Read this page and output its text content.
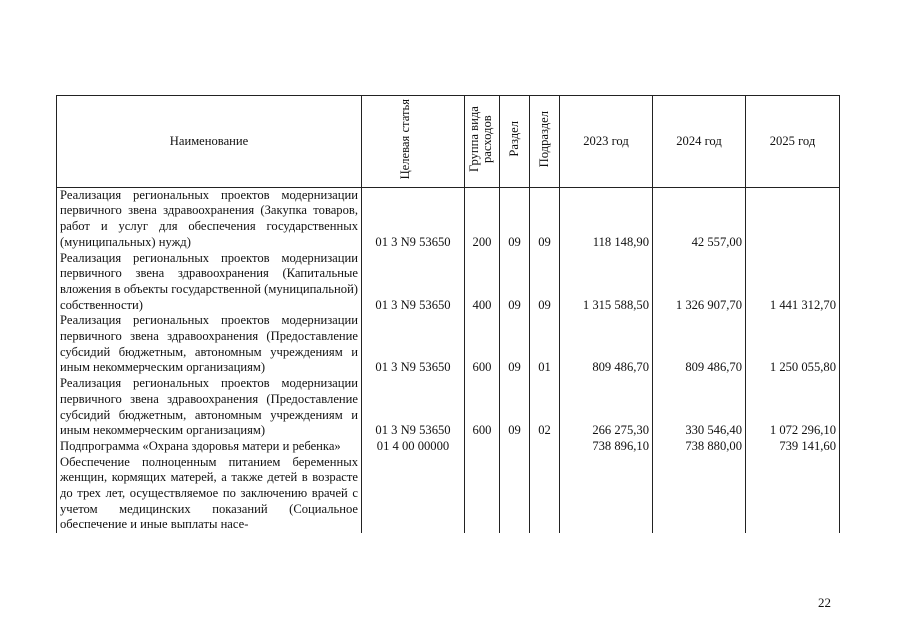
Наименование	Целевая статья	Группа вида расходов	Раздел	Подраздел	2023 год	2024 год	2025 год
Реализация региональных проектов модернизации первичного звена здравоохранения (Закупка товаров, работ и услуг для обеспечения государственных (муниципальных) нужд)	01 3 N9 53650	200	09	09	118 148,90	42 557,00	
Реализация региональных проектов модернизации первичного звена здравоохранения (Капитальные вложения в объекты государственной (муниципальной) собственности)	01 3 N9 53650	400	09	09	1 315 588,50	1 326 907,70	1 441 312,70
Реализация региональных проектов модернизации первичного звена здравоохранения (Предоставление субсидий бюджетным, автономным учреждениям и иным некоммерческим организациям)	01 3 N9 53650	600	09	01	809 486,70	809 486,70	1 250 055,80
Реализация региональных проектов модернизации первичного звена здравоохранения (Предоставление субсидий бюджетным, автономным учреждениям и иным некоммерческим организациям)	01 3 N9 53650	600	09	02	266 275,30	330 546,40	1 072 296,10
Подпрограмма «Охрана здоровья матери и ребенка»	01 4 00 00000				738 896,10	738 880,00	739 141,60
Обеспечение полноценным питанием беременных женщин, кормящих матерей, а также детей в возрасте до трех лет, осуществляемое по заключению врачей с учетом медицинских показаний (Социальное обеспечение и иные выплаты насе-							
22
